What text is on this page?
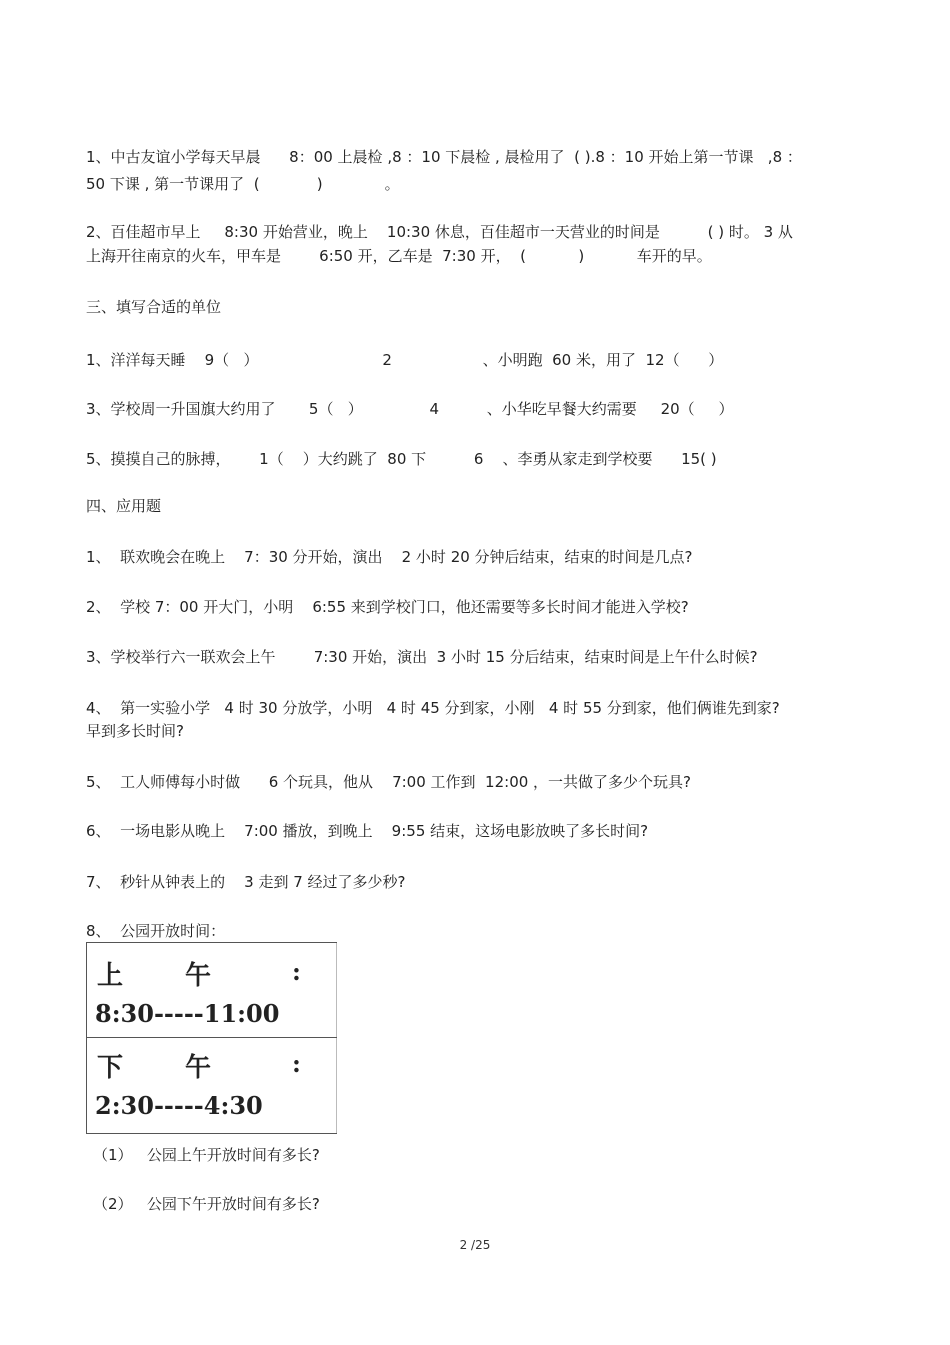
1、中古友谊小学每天早晨      8：00 上晨检 ,8 ：10 下晨检 , 晨检用了  ( ).8 ：10 开始上第一节课   ,8 ：
50 下课 , 第一节课用了  (            )             。
2、百佳超市早上     8:30 开始营业，晚上    10:30 休息，百佳超市一天营业的时间是          ( ) 时。 3 从
上海开往南京的火车，甲车是        6:50 开，乙车是  7:30 开，  (           )           车开的早。
三、填写合适的单位
1、洋洋每天睡    9（   ）                          2                   、小明跑  60 米，用了  12（      ）
3、学校周一升国旗大约用了       5（   ）              4          、小华吃早餐大约需要     20（     ）
5、摸摸自己的脉搏，      1（    ）大约跳了  80 下          6    、李勇从家走到学校要      15( )
四、应用题
1、  联欢晚会在晚上    7：30 分开始，演出    2 小时 20 分钟后结束，结束的时间是几点?
2、  学校 7：00 开大门，小明    6:55 来到学校门口，他还需要等多长时间才能进入学校?
3、学校举行六一联欢会上午        7:30 开始，演出  3 小时 15 分后结束，结束时间是上午什么时候?
4、  第一实验小学   4 时 30 分放学，小明   4 时 45 分到家，小刚   4 时 55 分到家，他们俩谁先到家?
早到多长时间?
5、  工人师傅每小时做      6 个玩具，他从    7:00 工作到  12:00 ，一共做了多少个玩具?
6、  一场电影从晚上    7:00 播放，到晚上    9:55 结束，这场电影放映了多长时间?
7、  秒针从钟表上的    3 走到 7 经过了多少秒?
8、  公园开放时间：
上午 :
8:30-----11:00
下午 :
2:30-----4:30
（1）   公园上午开放时间有多长?
（2）   公园下午开放时间有多长?
2 /25
